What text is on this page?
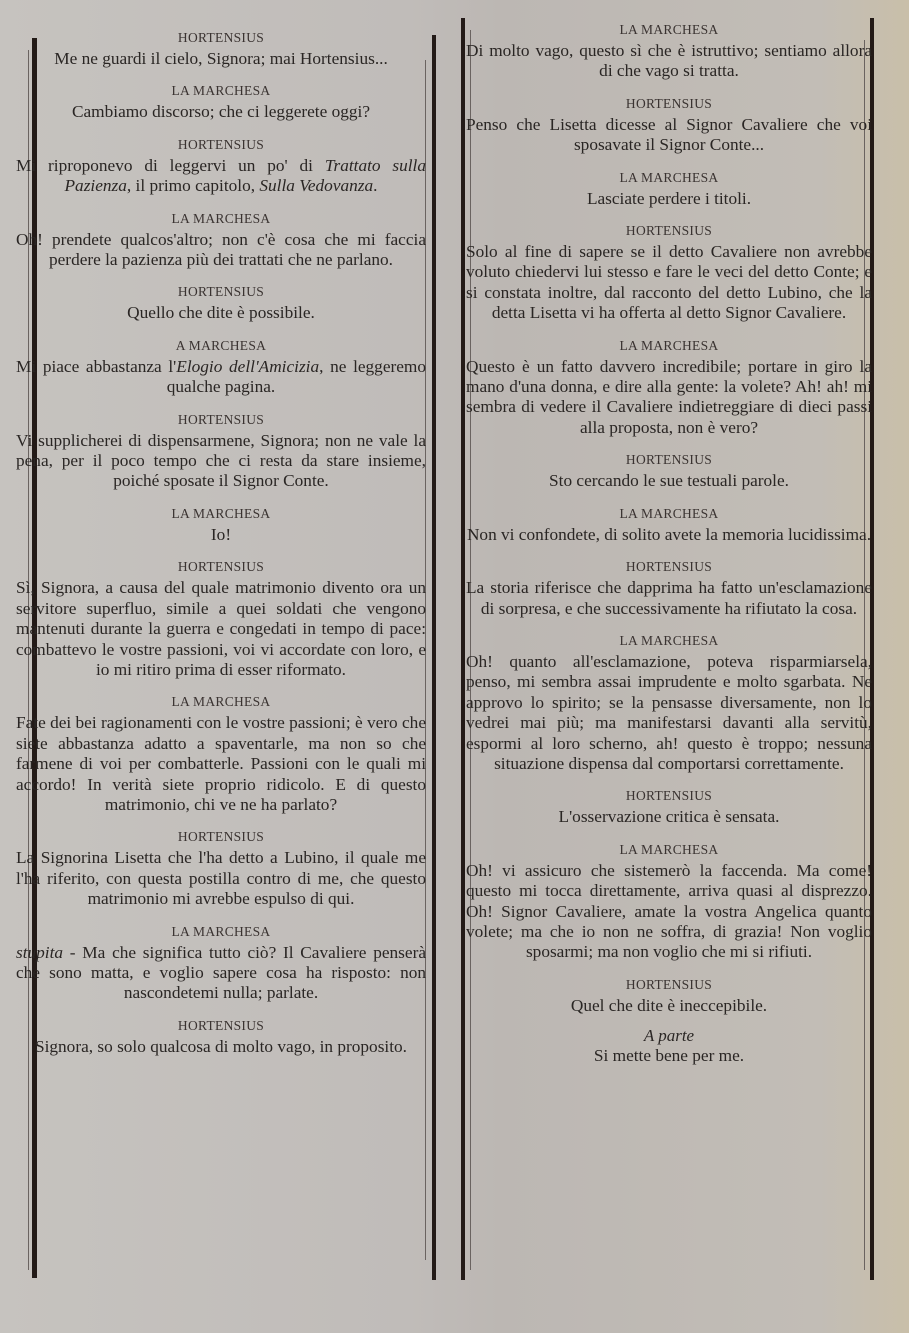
HORTENSIUS
Me ne guardi il cielo, Signora; mai Hortensius...
LA MARCHESA
Cambiamo discorso; che ci leggerete oggi?
HORTENSIUS
Mi riproponevo di leggervi un po' di Trattato sulla Pazienza, il primo capitolo, Sulla Vedovanza.
LA MARCHESA
Oh! prendete qualcos'altro; non c'è cosa che mi faccia perdere la pazienza più dei trattati che ne parlano.
HORTENSIUS
Quello che dite è possibile.
A MARCHESA
Mi piace abbastanza l'Elogio dell'Amicizia, ne leggeremo qualche pagina.
HORTENSIUS
Vi supplicherei di dispensarmene, Signora; non ne vale la pena, per il poco tempo che ci resta da stare insieme, poiché sposate il Signor Conte.
LA MARCHESA
Io!
HORTENSIUS
Sì, Signora, a causa del quale matrimonio divento ora un servitore superfluo, simile a quei soldati che vengono mantenuti durante la guerra e congedati in tempo di pace: combattevo le vostre passioni, voi vi accordate con loro, e io mi ritiro prima di esser riformato.
LA MARCHESA
Fate dei bei ragionamenti con le vostre passioni; è vero che siete abbastanza adatto a spaventarle, ma non so che farmene di voi per combatterle. Passioni con le quali mi accordo! In verità siete proprio ridicolo. E di questo matrimonio, chi ve ne ha parlato?
HORTENSIUS
La Signorina Lisetta che l'ha detto a Lubino, il quale me l'ha riferito, con questa postilla contro di me, che questo matrimonio mi avrebbe espulso di qui.
LA MARCHESA
stupita - Ma che significa tutto ciò? Il Cavaliere penserà che sono matta, e voglio sapere cosa ha risposto: non nascondetemi nulla; parlate.
HORTENSIUS
Signora, so solo qualcosa di molto vago, in proposito.
LA MARCHESA
Di molto vago, questo sì che è istruttivo; sentiamo allora di che vago si tratta.
HORTENSIUS
Penso che Lisetta dicesse al Signor Cavaliere che voi sposavate il Signor Conte...
LA MARCHESA
Lasciate perdere i titoli.
HORTENSIUS
Solo al fine di sapere se il detto Cavaliere non avrebbe voluto chiedervi lui stesso e fare le veci del detto Conte; e si constata inoltre, dal racconto del detto Lubino, che la detta Lisetta vi ha offerta al detto Signor Cavaliere.
LA MARCHESA
Questo è un fatto davvero incredibile; portare in giro la mano d'una donna, e dire alla gente: la volete? Ah! ah! mi sembra di vedere il Cavaliere indietreggiare di dieci passi alla proposta, non è vero?
HORTENSIUS
Sto cercando le sue testuali parole.
LA MARCHESA
Non vi confondete, di solito avete la memoria lucidissima.
HORTENSIUS
La storia riferisce che dapprima ha fatto un'esclamazione di sorpresa, e che successivamente ha rifiutato la cosa.
LA MARCHESA
Oh! quanto all'esclamazione, poteva risparmiarsela, penso, mi sembra assai imprudente e molto sgarbata. Ne approvo lo spirito; se la pensasse diversamente, non lo vedrei mai più; ma manifestarsi davanti alla servitù, espormi al loro scherno, ah! questo è troppo; nessuna situazione dispensa dal comportarsi correttamente.
HORTENSIUS
L'osservazione critica è sensata.
LA MARCHESA
Oh! vi assicuro che sistemerò la faccenda. Ma come! questo mi tocca direttamente, arriva quasi al disprezzo. Oh! Signor Cavaliere, amate la vostra Angelica quanto volete; ma che io non ne soffra, di grazia! Non voglio sposarmi; ma non voglio che mi si rifiuti.
HORTENSIUS
Quel che dite è ineccepibile.
A parte
Si mette bene per me.
